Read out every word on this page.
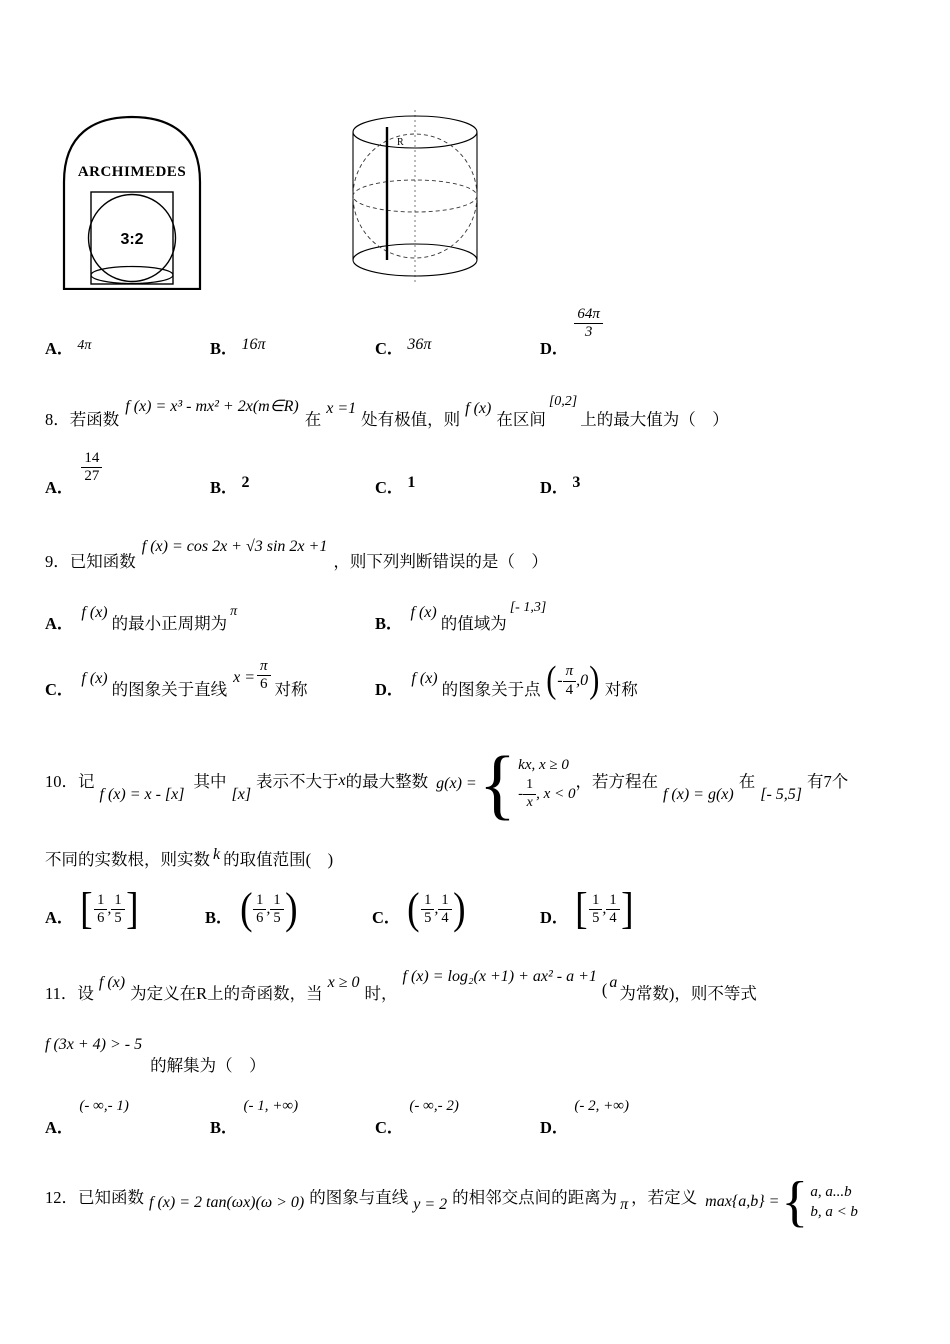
ARCHIMEDES
3:2
R
A． 4π	B． 16π	C． 36π	D．
$\frac{64\pi}{3}$
8．若函数
f (x) = x³ - mx² + 2x(m∈R)
在
x =1
处有极值，则
f (x)
在区间
[0,2]
上的最大值为（　）
A．
$\frac{14}{27}$
B． 2	C． 1	D． 3
9．已知函数
f (x) = cos 2x + √3 sin 2x +1
，则下列判断错误的是（　）
A．
f (x)
的最小正周期为
π
B．
f (x)
的值域为
[- 1,3]
C．
f (x)
的图象关于直线
$x = \frac{\pi}{6}$ 对称	D．
f (x)
的图象关于点 ( - $\frac{\pi}{4} ,0$ ) 对称
10．记
f (x) = x - [x]
其中
[x]
表示不大于 x 的最大整数 g(x) = { kx, x ≥ 0
- $\frac{1}{x}$ , x < 0
，若方程在
f (x) = g(x)
在
[- 5,5]
有7个
不同的实数根，则实数 k 的取值范围(　)
A． [ $\frac{1}{6}$ , $\frac{1}{5}$ ]	B． ( $\frac{1}{6}$ , $\frac{1}{5}$ )	C． ( $\frac{1}{5}$ , $\frac{1}{4}$ )	D． [ $\frac{1}{5}$ , $\frac{1}{4}$ ]
11．设
f (x)
为定义在R上的奇函数，当
x ≥ 0
时，
f (x) = log₂(x +1) + ax² - a +1
( a
为常数)，则不等式
f (3x + 4) > - 5
的解集为（　）
A．
(- ∞,- 1)
B．
(- 1, +∞)
C．
(- ∞,- 2)
D．
(- 2, +∞)
12．已知函数 f (x) = 2 tan(ωx)(ω > 0) 的图象与直线 y = 2 的相邻交点间的距离为 π ，若定义 max{a,b} = { a, a...b
b, a < b
